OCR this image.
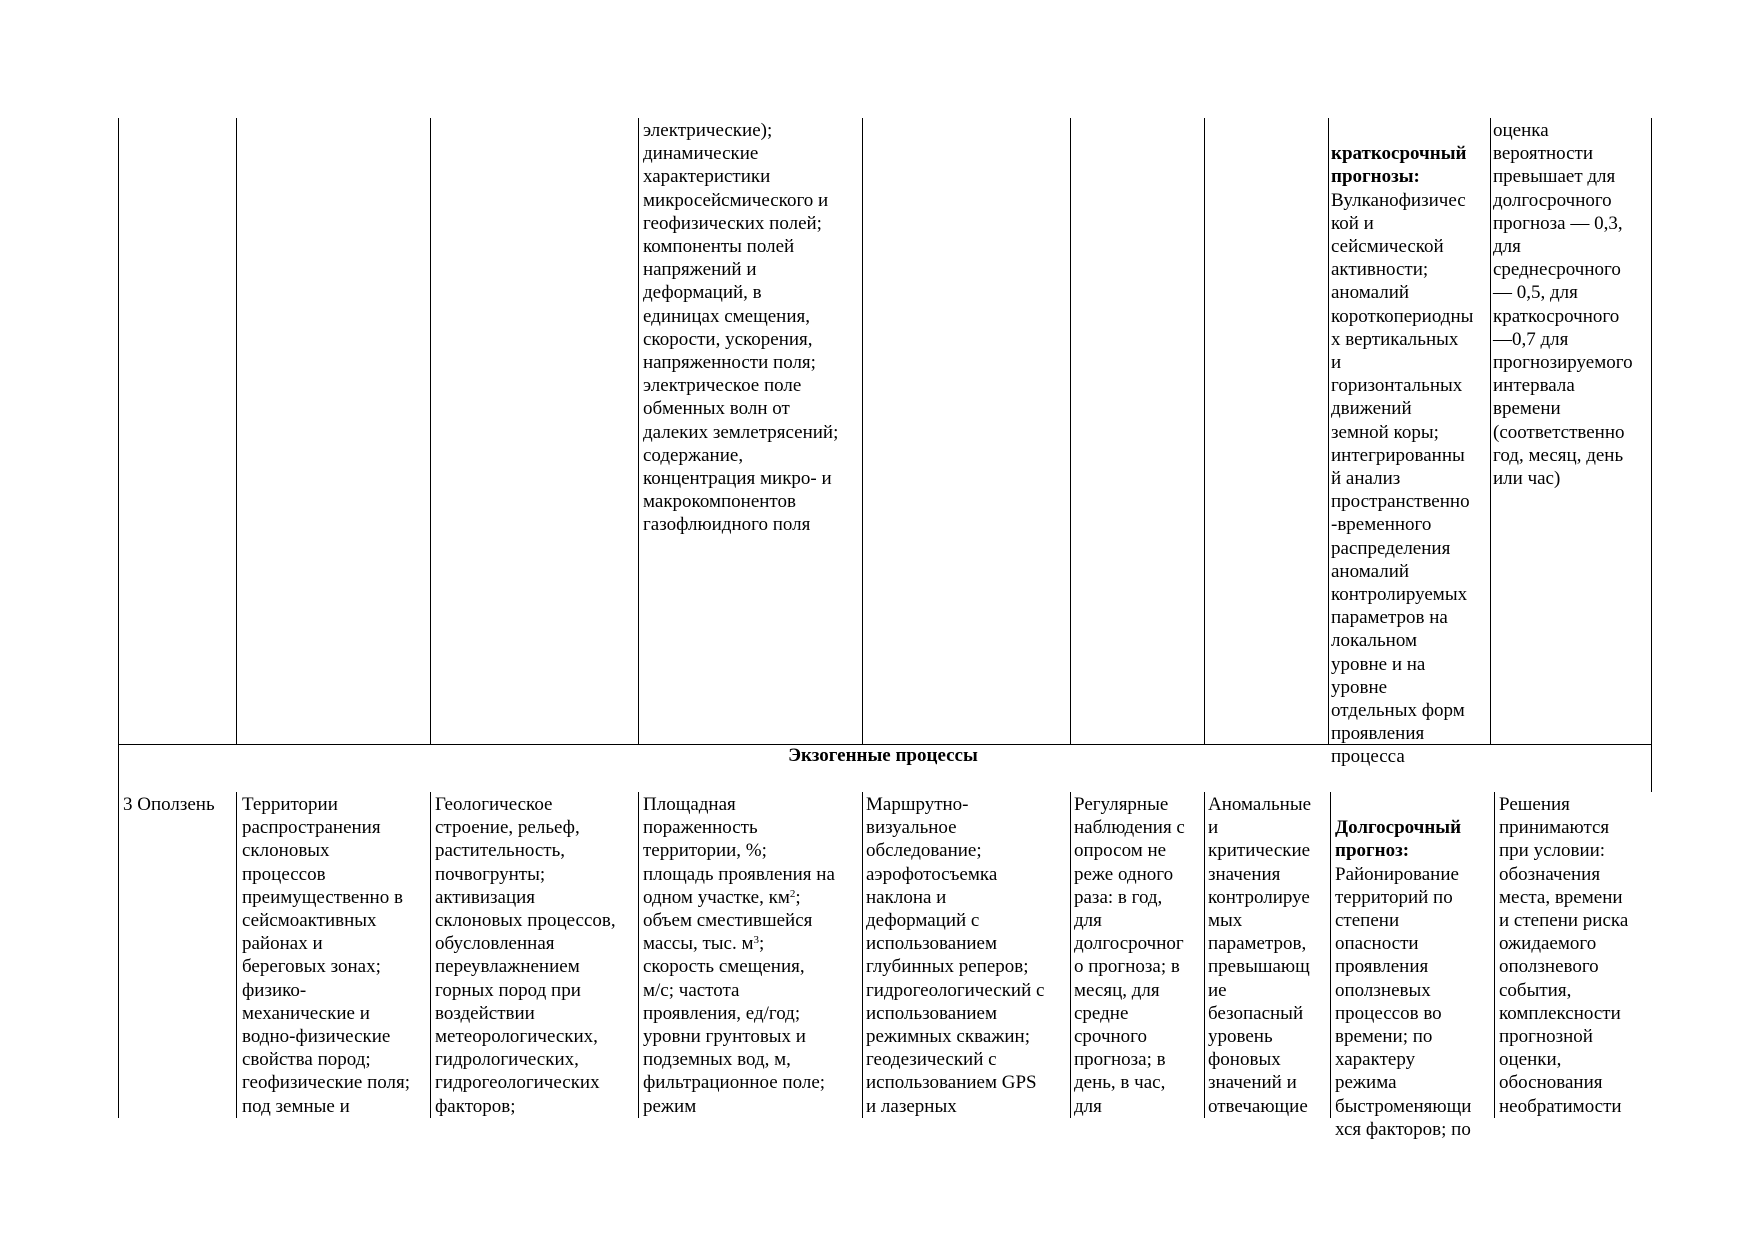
электрические);
динамические
характеристики
микросейсмического и
геофизических полей;
компоненты полей
напряжений и
деформаций, в
единицах смещения,
скорости, ускорения,
напряженности поля;
электрическое поле
обменных волн от
далеких землетрясений;
содержание,
концентрация микро- и
макрокомпонентов
газофлюидного поля

краткосрочный
прогнозы:
Вулканофизичес
кой и
сейсмической
активности;
аномалий
короткопериодны
х вертикальных
и
горизонтальных
движений
земной коры;
интегрированны
й анализ
пространственно
-временного
распределения
аномалий
контролируемых
параметров на
локальном
уровне и на
уровне
отдельных форм
проявления
процесса

оценка
вероятности
превышает для
долгосрочного
прогноза — 0,3,
для
среднесрочного
— 0,5, для
краткосрочного
—0,7 для
прогнозируемого
интервала
времени
(соответственно
год, месяц, день
или час)

Экзогенные процессы

3 Оползень	Территории
распространения
склоновых
процессов
преимущественно в
сейсмоактивных
районах и
береговых зонах;
физико-
механические и
водно-физические
свойства пород;
геофизические поля;
под земные и

Геологическое
строение, рельеф,
растительность,
почвогрунты;
активизация
склоновых процессов,
обусловленная
переувлажнением
горных пород при
воздействии
метеорологических,
гидрологических,
гидрогеологических
факторов;

Площадная
пораженность
территории, %;
площадь проявления на
одном участке, $км^2$;
объем сместившейся
массы, тыс. $м^3$;
скорость смещения,
м/с; частота
проявления, ед/год;
уровни грунтовых и
подземных вод, м,
фильтрационное поле;
режим

Маршрутно-
визуальное
обследование;
аэрофотосъемка
наклона и
деформаций с
использованием
глубинных реперов;
гидрогеологический с
использованием
режимных скважин;
геодезический с
использованием GPS
и лазерных

Регулярные
наблюдения с
опросом не
реже одного
раза: в год,
для
долгосрочног
о прогноза; в
месяц, для
средне
срочного
прогноза; в
день, в час,
для

Аномальные
и
критические
значения
контролируе
мых
параметров,
превышающ
ие
безопасный
уровень
фоновых
значений и
отвечающие

Долгосрочный
прогноз:
Районирование
территорий по
степени
опасности
проявления
оползневых
процессов во
времени; по
характеру
режима
быстроменяющи
хся факторов; по

Решения
принимаются
при условии:
обозначения
места, времени
и степени риска
ожидаемого
оползневого
события,
комплексности
прогнозной
оценки,
обоснования
необратимости
